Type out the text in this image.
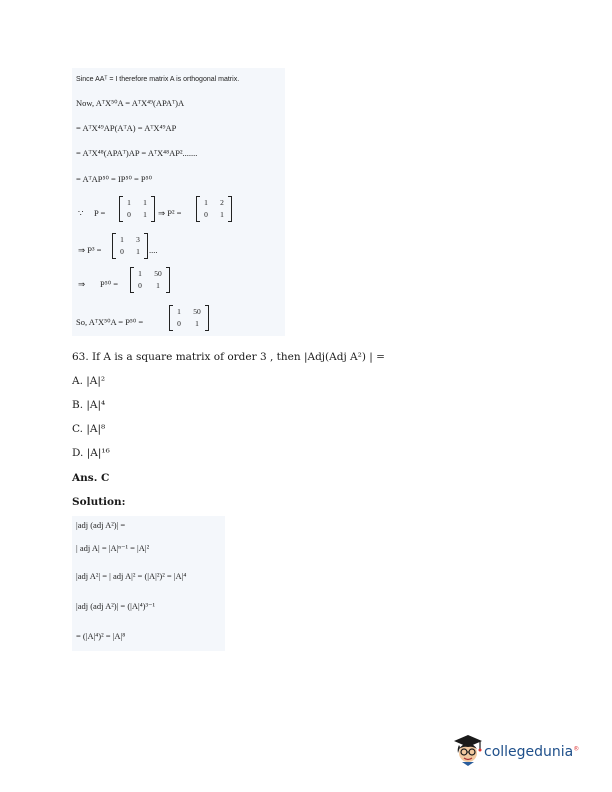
Since AAᵀ = I therefore matrix A is orthogonal matrix.
Now, AᵀX⁵⁰A = AᵀX⁴⁹(APAᵀ)A
= AᵀX⁴⁹AP(AᵀA) = AᵀX⁴⁹AP
= AᵀX⁴⁸(APAᵀ)AP = AᵀX⁴⁸AP².......
= AᵀAP⁵⁰ = IP⁵⁰ = P⁵⁰
∵ P =
1	1
0	1	⇒ P² =
1	2
0	1
⇒ P³ =
1	3
0	1	....
⇒ P⁵⁰ =
1	50
0	1
So, AᵀX⁵⁰A = P⁵⁰ =
1	50
0	1
63. If A is a square matrix of order 3 , then |Adj(Adj A²) | =
A. |A|²
B. |A|⁴
C. |A|⁸
D. |A|¹⁶
Ans. C
Solution:
|adj (adj A²)| =
| adj A| = |A|ⁿ⁻¹ = |A|²
|adj A²| = | adj A|² = (|A|²)² = |A|⁴
|adj (adj A²)| = (|A|⁴)³⁻¹
= (|A|⁴)² = |A|⁸
collegedunia®
